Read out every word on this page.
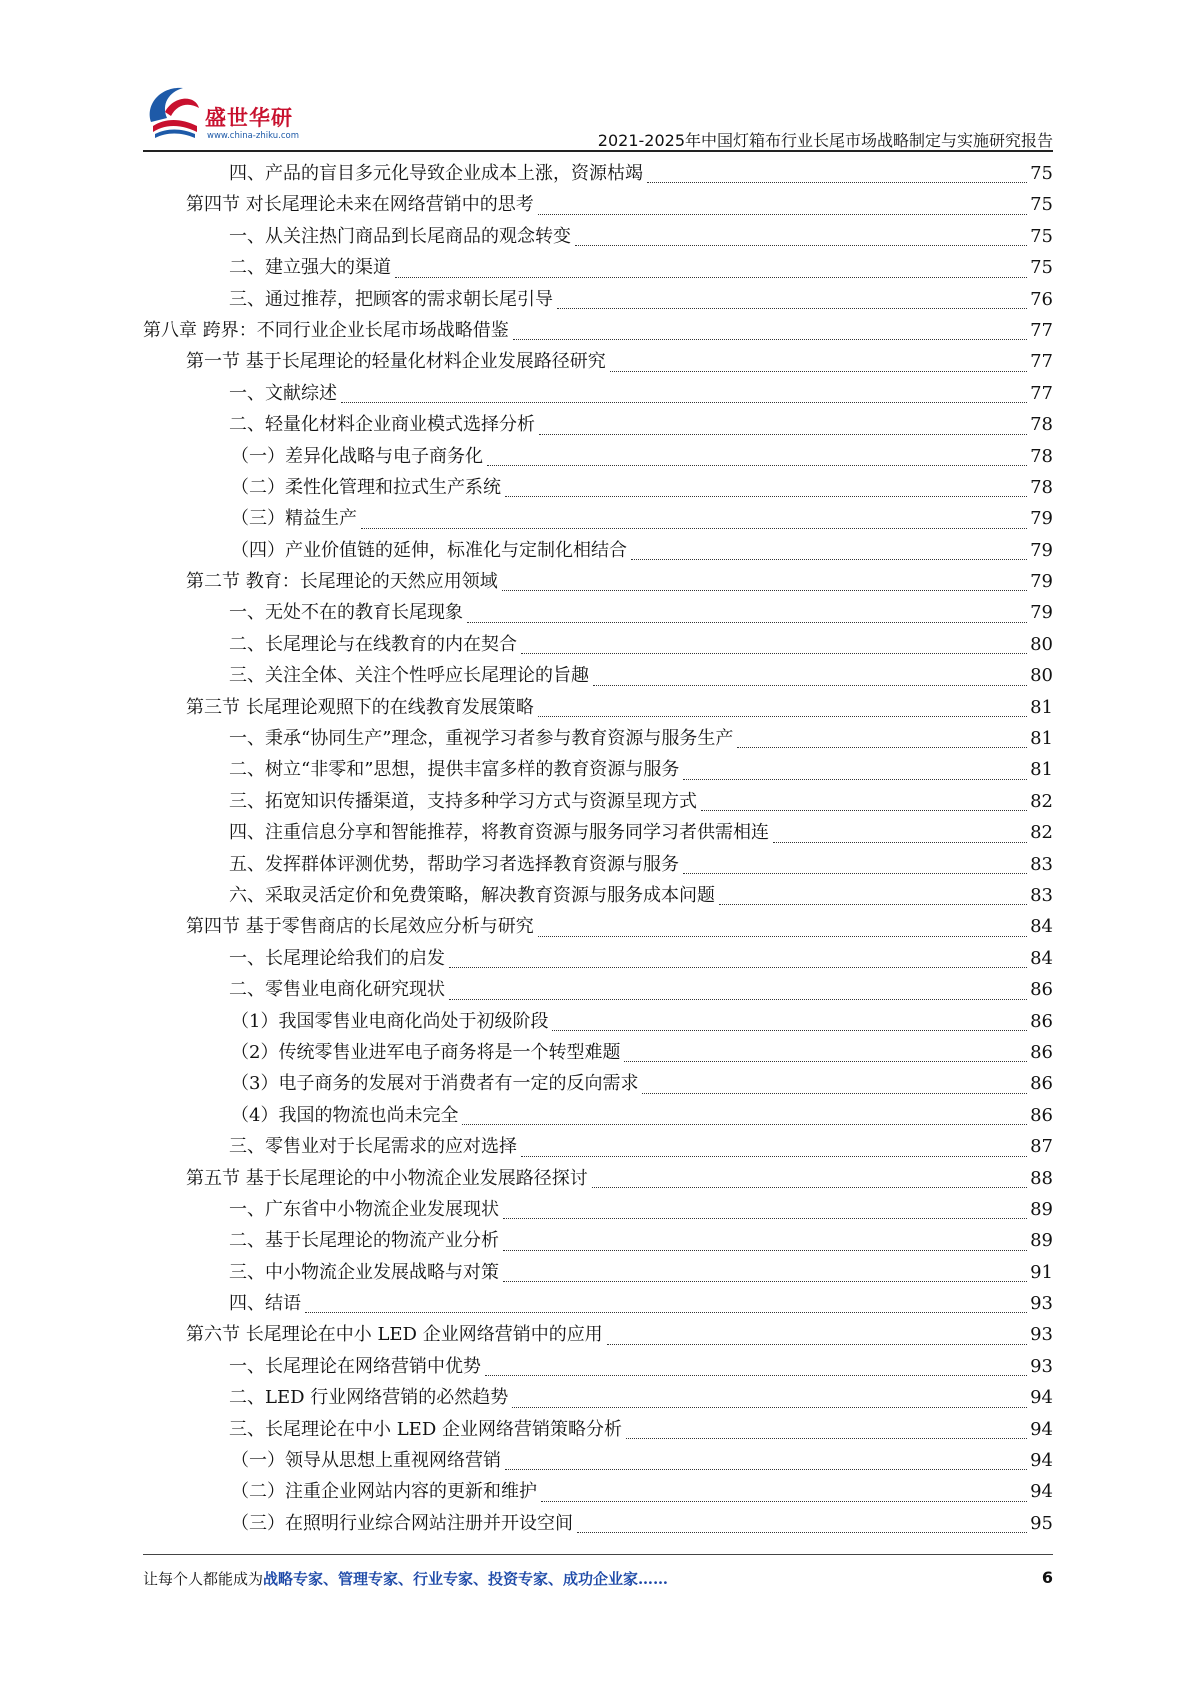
盛世华研
www.china-zhiku.com	2021-2025年中国灯箱布行业长尾市场战略制定与实施研究报告
四、产品的盲目多元化导致企业成本上涨，资源枯竭	75
第四节 对长尾理论未来在网络营销中的思考	75
一、从关注热门商品到长尾商品的观念转变	75
二、建立强大的渠道	75
三、通过推荐，把顾客的需求朝长尾引导	76
第八章 跨界：不同行业企业长尾市场战略借鉴	77
第一节 基于长尾理论的轻量化材料企业发展路径研究	77
一、文献综述	77
二、轻量化材料企业商业模式选择分析	78
（一）差异化战略与电子商务化	78
（二）柔性化管理和拉式生产系统	78
（三）精益生产	79
（四）产业价值链的延伸，标准化与定制化相结合	79
第二节 教育：长尾理论的天然应用领域	79
一、无处不在的教育长尾现象	79
二、长尾理论与在线教育的内在契合	80
三、关注全体、关注个性呼应长尾理论的旨趣	80
第三节 长尾理论观照下的在线教育发展策略	81
一、秉承“协同生产”理念，重视学习者参与教育资源与服务生产	81
二、树立“非零和”思想，提供丰富多样的教育资源与服务	81
三、拓宽知识传播渠道，支持多种学习方式与资源呈现方式	82
四、注重信息分享和智能推荐，将教育资源与服务同学习者供需相连	82
五、发挥群体评测优势，帮助学习者选择教育资源与服务	83
六、采取灵活定价和免费策略，解决教育资源与服务成本问题	83
第四节 基于零售商店的长尾效应分析与研究	84
一、长尾理论给我们的启发	84
二、零售业电商化研究现状	86
（1）我国零售业电商化尚处于初级阶段	86
（2）传统零售业进军电子商务将是一个转型难题	86
（3）电子商务的发展对于消费者有一定的反向需求	86
（4）我国的物流也尚未完全	86
三、零售业对于长尾需求的应对选择	87
第五节 基于长尾理论的中小物流企业发展路径探讨	88
一、广东省中小物流企业发展现状	89
二、基于长尾理论的物流产业分析	89
三、中小物流企业发展战略与对策	91
四、结语	93
第六节 长尾理论在中小 LED 企业网络营销中的应用	93
一、长尾理论在网络营销中优势	93
二、LED 行业网络营销的必然趋势	94
三、长尾理论在中小 LED 企业网络营销策略分析	94
（一）领导从思想上重视网络营销	94
（二）注重企业网站内容的更新和维护	94
（三）在照明行业综合网站注册并开设空间	95
让每个人都能成为战略专家、管理专家、行业专家、投资专家、成功企业家……	6
